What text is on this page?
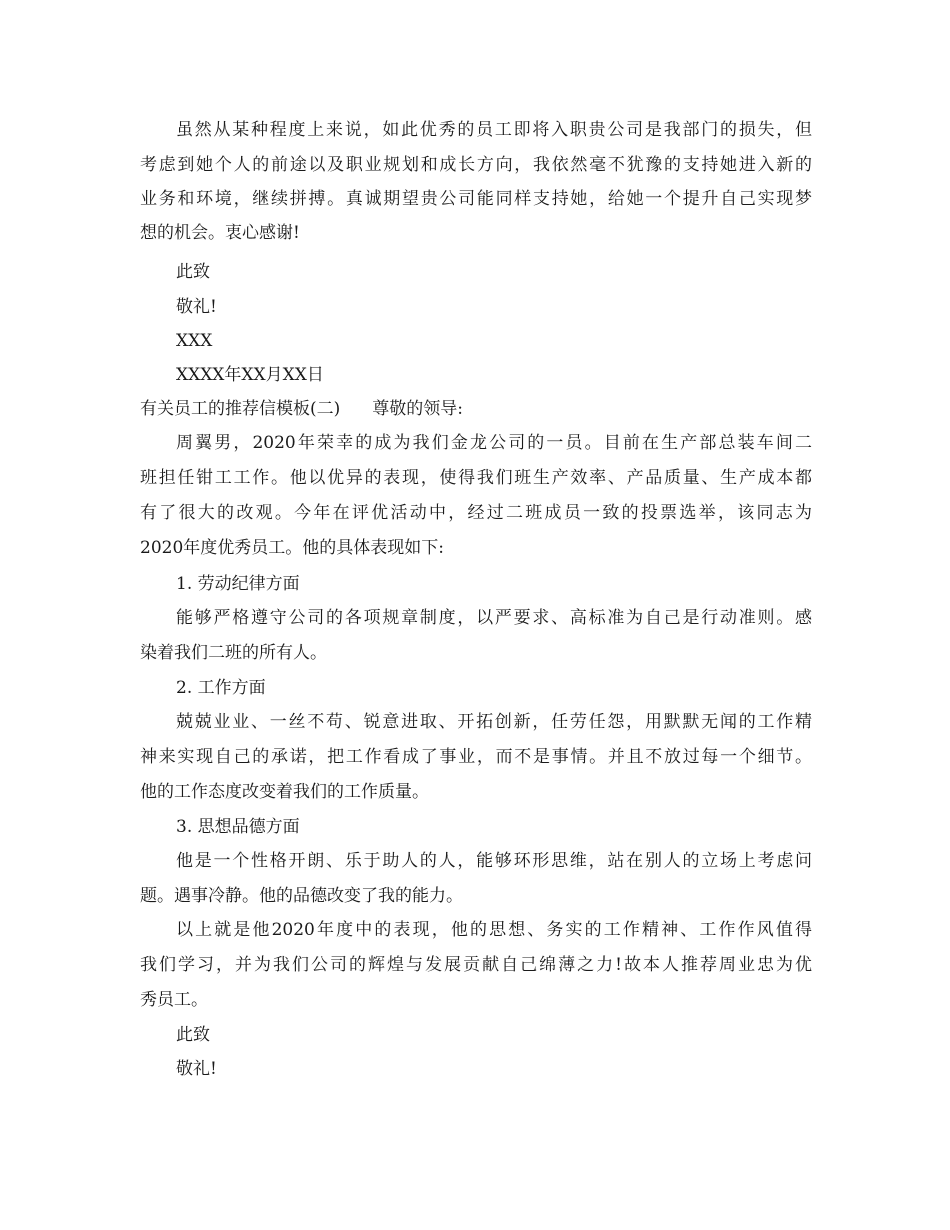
虽然从某种程度上来说，如此优秀的员工即将入职贵公司是我部门的损失，但
考虑到她个人的前途以及职业规划和成长方向，我依然毫不犹豫的支持她进入新的
业务和环境，继续拼搏。真诚期望贵公司能同样支持她，给她一个提升自己实现梦
想的机会。衷心感谢!
此致
敬礼!
XXX
XXXX年XX月XX日
有关员工的推荐信模板(二) 尊敬的领导:
周翼男，2020年荣幸的成为我们金龙公司的一员。目前在生产部总装车间二
班担任钳工工作。他以优异的表现，使得我们班生产效率、产品质量、生产成本都
有了很大的改观。今年在评优活动中，经过二班成员一致的投票选举，该同志为
2020年度优秀员工。他的具体表现如下:
1. 劳动纪律方面
能够严格遵守公司的各项规章制度，以严要求、高标准为自己是行动准则。感
染着我们二班的所有人。
2. 工作方面
兢兢业业、一丝不苟、锐意进取、开拓创新，任劳任怨，用默默无闻的工作精
神来实现自己的承诺，把工作看成了事业，而不是事情。并且不放过每一个细节。
他的工作态度改变着我们的工作质量。
3. 思想品德方面
他是一个性格开朗、乐于助人的人，能够环形思维，站在别人的立场上考虑问
题。遇事冷静。他的品德改变了我的能力。
以上就是他2020年度中的表现，他的思想、务实的工作精神、工作作风值得
我们学习，并为我们公司的辉煌与发展贡献自己绵薄之力!故本人推荐周业忠为优
秀员工。
此致
敬礼!
